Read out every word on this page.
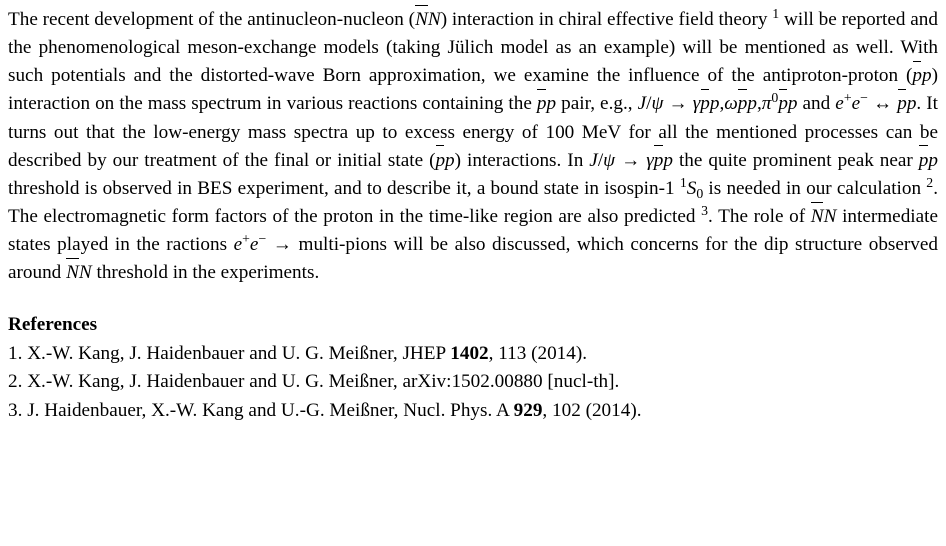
The recent development of the antinucleon-nucleon (NN) interaction in chiral effective field theory $^1$ will be reported and the phenomenological meson-exchange models (taking Jülich model as an example) will be mentioned as well. With such potentials and the distorted-wave Born approximation, we examine the influence of the antiproton-proton (pp) interaction on the mass spectrum in various reactions containing the pp pair, e.g., $J/\psi \to \gamma pp,\omega pp,\pi^0pp$ and e+e− ↔ pp. It turns out that the low-energy mass spectra up to excess energy of 100 MeV for all the mentioned processes can be described by our treatment of the final or initial state (pp) interactions. In J/ψ → γpp the quite prominent peak near pp threshold is observed in BES experiment, and to describe it, a bound state in isospin-1 $^1S_0$ is needed in our calculation $^2$. The electromagnetic form factors of the proton in the time-like region are also predicted $^3$. The role of NN intermediate states played in the ractions e+e− → multi-pions will be also discussed, which concerns for the dip structure observed around NN threshold in the experiments.

References
1. X.-W. Kang, J. Haidenbauer and U. G. Meißner, JHEP 1402, 113 (2014).
2. X.-W. Kang, J. Haidenbauer and U. G. Meißner, arXiv:1502.00880 [nucl-th].
3. J. Haidenbauer, X.-W. Kang and U.-G. Meißner, Nucl. Phys. A 929, 102 (2014).
